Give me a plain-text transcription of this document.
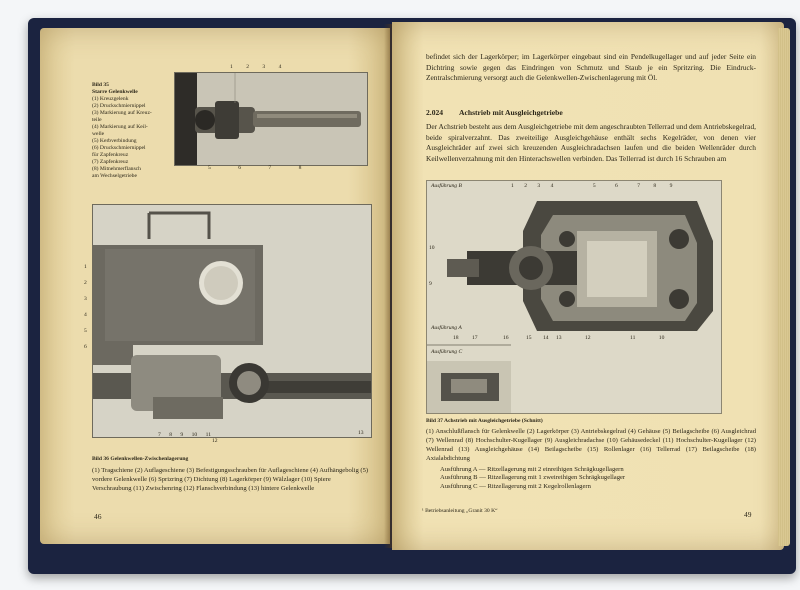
Bild 35
Starre Gelenkwelle
(1) Kreuzgelenk
(2) Druckschmiernippel
(3) Markierung auf Kreuz-
teile
(4) Markierung auf Keil-
welle
(5) Kerbverbindung
(6) Druckschmiernippel
für Zapfenkreuz
(7) Zapfenkreuz
(8) Mitnehmerflansch
am Wechselgetriebe
1 2 3 4
5	6	7	8
1
2
3
4
5
6
7 8 9 10 11
12
13
Bild 36 Gelenkwellen-Zwischenlagerung
(1) Tragschiene (2) Auflageschiene (3) Befestigungsschrauben für Auflageschiene (4) Aufhängebolig (5) vordere Gelenkwelle (6) Sprizring (7) Dichtung (8) Lagerkörper (9) Wälzlager (10) Spiere Verschraubung (11) Zwischenring (12) Flanschverbindung (13) hintere Gelenkwelle
46
befindet sich der Lagerkörper; im Lagerkörper eingebaut sind ein Pendelkugellager und auf jeder Seite ein Dichtring sowie gegen das Eindringen von Schmutz und Staub je ein Spritzring. Die Eindruck-Zentralschmierung versorgt auch die Gelenkwellen-Zwischenlagerung mit Öl.
2.024 Achstrieb mit Ausgleichgetriebe
Der Achstrieb besteht aus dem Ausgleichgetriebe mit dem angeschraubten Tellerrad und dem Antriebskegelrad, beide spiralverzahnt. Das zweiteilige Ausgleichgehäuse enthält sechs Kegelräder, von denen vier Ausgleichräder auf zwei sich kreuzenden Ausgleichradachsen laufen und die beiden Wellenräder durch Keilwellenverzahnung mit den Hinterachswellen verbinden. Das Tellerrad ist durch 16 Schrauben am
Ausführung B	1 2 3 4	5	6	7 8 9
10
9
Ausführung A
18 17	16	15 14 13	12	11	10
Ausführung C
Bild 37 Achstrieb mit Ausgleichgetriebe (Schnitt)
(1) Anschlußflansch für Gelenkwelle (2) Lagerkörper (3) Antriebskegelrad (4) Gehäuse (5) Beilagscheibe (6) Ausgleichrad (7) Wellenrad (8) Hochschulter-Kugellager (9) Ausgleichradachse (10) Gehäusedeckel (11) Hochschulter-Kugellager (12) Wellenrad (13) Ausgleichgehäuse (14) Beilagscheibe (15) Rollenlager (16) Tellerrad (17) Beilagscheibe (18) Axialabdichtung
Ausführung A — Ritzellagerung mit 2 einreihigen Schrägkugellagern
Ausführung B — Ritzellagerung mit 1 zweireihigen Schrägkugellager
Ausführung C — Ritzellagerung mit 2 Kegelrollenlagern
¹ Betriebsanleitung „Granit 30 K“	49
